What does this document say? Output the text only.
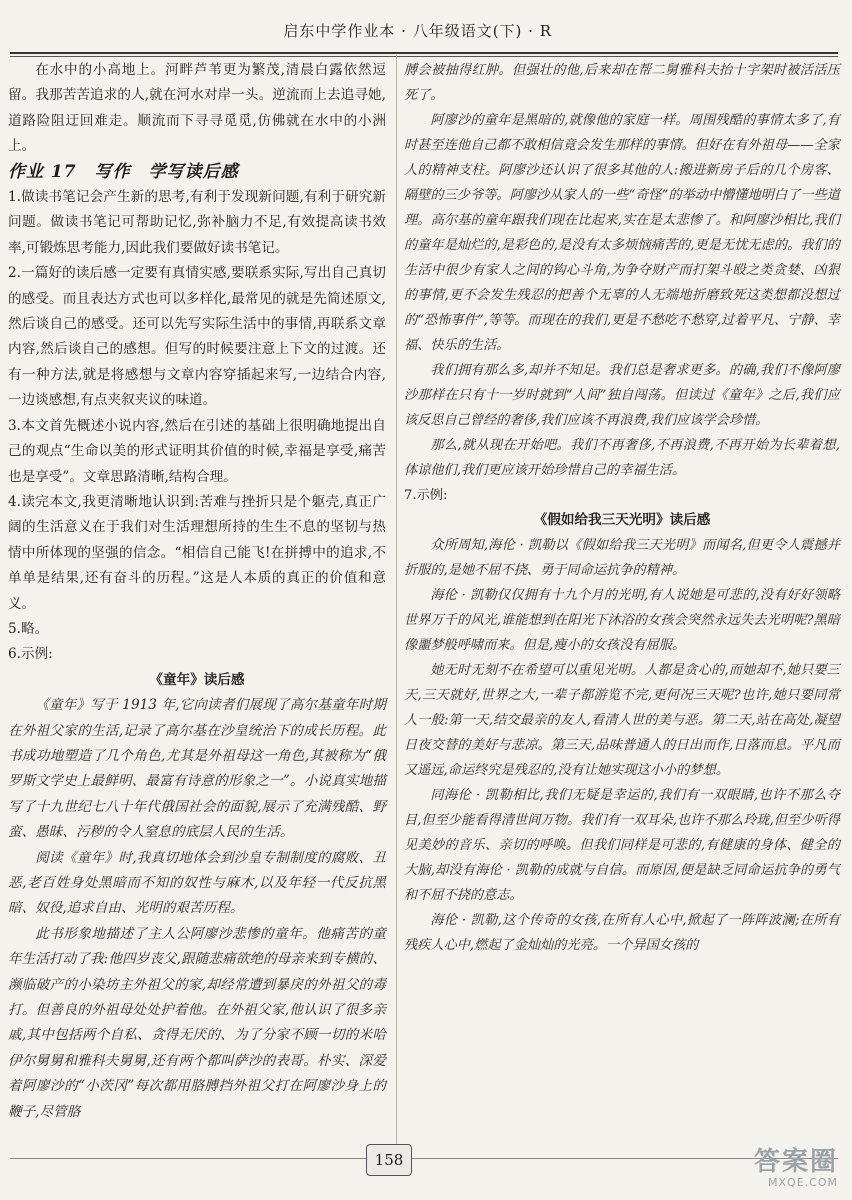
启东中学作业本 · 八年级语文(下) · R

在水中的小高地上。河畔芦苇更为繁茂,清晨白露依然逗留。我那苦苦追求的人,就在河水对岸一头。逆流而上去追寻她,道路险阻迂回难走。顺流而下寻寻觅觅,仿佛就在水中的小洲上。

作业 17　写作　学写读后感

1.做读书笔记会产生新的思考,有利于发现新问题,有利于研究新问题。做读书笔记可帮助记忆,弥补脑力不足,有效提高读书效率,可锻炼思考能力,因此我们要做好读书笔记。

2.一篇好的读后感一定要有真情实感,要联系实际,写出自己真切的感受。而且表达方式也可以多样化,最常见的就是先简述原文,然后谈自己的感受。还可以先写实际生活中的事情,再联系文章内容,然后谈自己的感想。但写的时候要注意上下文的过渡。还有一种方法,就是将感想与文章内容穿插起来写,一边结合内容,一边谈感想,有点夹叙夹议的味道。

3.本文首先概述小说内容,然后在引述的基础上很明确地提出自己的观点“生命以美的形式证明其价值的时候,幸福是享受,痛苦也是享受”。文章思路清晰,结构合理。

4.读完本文,我更清晰地认识到:苦难与挫折只是个躯壳,真正广阔的生活意义在于我们对生活理想所持的生生不息的坚韧与热情中所体现的坚强的信念。“相信自己能飞!在拼搏中的追求,不单单是结果,还有奋斗的历程。”这是人本质的真正的价值和意义。

5.略。

6.示例:

《童年》读后感

《童年》写于 1913 年,它向读者们展现了高尔基童年时期在外祖父家的生活,记录了高尔基在沙皇统治下的成长历程。此书成功地塑造了几个角色,尤其是外祖母这一角色,其被称为“俄罗斯文学史上最鲜明、最富有诗意的形象之一”。小说真实地描写了十九世纪七八十年代俄国社会的面貌,展示了充满残酷、野蛮、愚昧、污秽的令人窒息的底层人民的生活。

阅读《童年》时,我真切地体会到沙皇专制制度的腐败、丑恶,老百姓身处黑暗而不知的奴性与麻木,以及年轻一代反抗黑暗、奴役,追求自由、光明的艰苦历程。

此书形象地描述了主人公阿廖沙悲惨的童年。他痛苦的童年生活打动了我:他四岁丧父,跟随悲痛欲绝的母亲来到专横的、濒临破产的小染坊主外祖父的家,却经常遭到暴戾的外祖父的毒打。但善良的外祖母处处护着他。在外祖父家,他认识了很多亲戚,其中包括两个自私、贪得无厌的、为了分家不顾一切的米哈伊尔舅舅和雅科夫舅舅,还有两个都叫萨沙的表哥。朴实、深爱着阿廖沙的“小茨冈”每次都用胳膊挡外祖父打在阿廖沙身上的鞭子,尽管胳

膊会被抽得红肿。但强壮的他,后来却在帮二舅雅科夫抬十字架时被活活压死了。

阿廖沙的童年是黑暗的,就像他的家庭一样。周围残酷的事情太多了,有时甚至连他自己都不敢相信竟会发生那样的事情。但好在有外祖母——全家人的精神支柱。阿廖沙还认识了很多其他的人:搬进新房子后的几个房客、隔壁的三少爷等。阿廖沙从家人的一些“奇怪”的举动中懵懂地明白了一些道理。高尔基的童年跟我们现在比起来,实在是太悲惨了。和阿廖沙相比,我们的童年是灿烂的,是彩色的,是没有太多烦恼痛苦的,更是无忧无虑的。我们的生活中很少有家人之间的钩心斗角,为争夺财产而打架斗殴之类贪婪、凶狠的事情,更不会发生残忍的把善个无辜的人无端地折磨致死这类想都没想过的“恐怖事件”,等等。而现在的我们,更是不愁吃不愁穿,过着平凡、宁静、幸福、快乐的生活。

我们拥有那么多,却并不知足。我们总是奢求更多。的确,我们不像阿廖沙那样在只有十一岁时就到“人间”独自闯荡。但读过《童年》之后,我们应该反思自己曾经的奢侈,我们应该不再浪费,我们应该学会珍惜。

那么,就从现在开始吧。我们不再奢侈,不再浪费,不再开始为长辈着想,体谅他们,我们更应该开始珍惜自己的幸福生活。

7.示例:

《假如给我三天光明》读后感

众所周知,海伦 · 凯勒以《假如给我三天光明》而闻名,但更令人震撼并折服的,是她不屈不挠、勇于同命运抗争的精神。

海伦 · 凯勒仅仅拥有十九个月的光明,有人说她是可悲的,没有好好领略世界万千的风光,谁能想到在阳光下沐浴的女孩会突然永远失去光明呢?黑暗像噩梦般呼啸而来。但是,瘦小的女孩没有屈服。

她无时无刻不在希望可以重见光明。人都是贪心的,而她却不,她只要三天,三天就好,世界之大,一辈子都游览不完,更何况三天呢?也许,她只要同常人一般:第一天,结交最亲的友人,看清人世的美与恶。第二天,站在高处,凝望日夜交替的美好与悲凉。第三天,品味普通人的日出而作,日落而息。平凡而又遥远,命运终究是残忍的,没有让她实现这小小的梦想。

同海伦 · 凯勒相比,我们无疑是幸运的,我们有一双眼睛,也许不那么夺目,但至少能看得清世间万物。我们有一双耳朵,也许不那么玲珑,但至少听得见美妙的音乐、亲切的呼唤。但我们同样是可悲的,有健康的身体、健全的大脑,却没有海伦 · 凯勒的成就与自信。而原因,便是缺乏同命运抗争的勇气和不屈不挠的意志。

海伦 · 凯勒,这个传奇的女孩,在所有人心中,掀起了一阵阵波澜;在所有残疾人心中,燃起了金灿灿的光亮。一个异国女孩的

158	答案圈
MXQE.COM
